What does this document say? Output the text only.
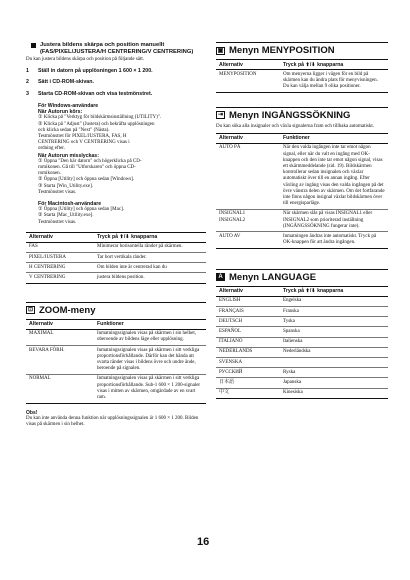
Justera bildens skärpa och position manuellt (FAS/PIXEL/JUSTERA/H CENTRERING/V CENTRERING)
Du kan justera bildens skärpa och position på följande sätt.
1	Ställ in datorn på upplösningen 1 600 × 1 200.
2	Sätt i CD-ROM-skivan.
3	Starta CD-ROM-skivan och visa testmönstret.
För Windows-användare
När Autorun körs:
① Klicka på "Verktyg för bildskärmsinställning (UTILITY)".
② Klicka på "Adjust" (Justera) och bekräfta upplösningen
och klicka sedan på "Next" (Nästa).
Testmönstret för PIXEL/JUSTERA, FAS, H
CENTRERING och V CENTRERING visas i
ordning efter.
När Autorun misslyckas:
① Öppna "Den här datorn" och högerklicka på CD-
romikonen. Gå till "Utforskaren" och öppna CD-
romikonen.
② Öppna [Utility] och öppna sedan [Windows].
③ Starta [Win_Utility.exe].
Testmönstret visas.
För Macintosh-användare
① Öppna [Utility] och öppna sedan [Mac].
② Starta [Mac_Utility.exe].
Testmönstret visas.
Alternativ	Tryck på ⬆/⬇ knapparna
FAS	Minimerar horisontella ränder på skärmen.
PIXEL/JUSTERA	Tar bort vertikala ränder.
H CENTRERING	Om bilden inte är centrerad kan du
V CENTRERING	justera bildens position.
⊡ ZOOM-meny
Alternativ	Funktioner
MAXIMAL	Inmatningssignalen visas på skärmen i sin helhet, oberoende av bildens läge eller upplösning.
BEVARA FÖRH.	Inmatningssignalen visas på skärmen i sitt verkliga proportionsförhållande. Därför kan det hända att svarta ränder visas i bildens övre och undre ände, beroende på signalen.
NORMAL	Inmatningssignalen visas på skärmen i sitt verkliga proportionsförhållande. Sub-1 600 × 1 200-signaler visas i mitten av skärmen, omgärdade av en svart ram.
Obs!
Du kan inte använda denna funktion när upplösningssignalen är 1 600 × 1 200. Bilden visas på skärmen i sin helhet.
▣ Menyn MENYPOSITION
Alternativ	Tryck på ⬆/⬇ knapparna
MENYPOSITION	Om menyerna ligger i vägen för en bild på skärmen kan du ändra plats för menyvisningen. Du kan välja mellan 9 olika positioner.
⇥ Menyn INGÅNGSSÖKNING
Du kan söka alla insignaler och växla signalerna fram och tillbaka automatiskt.
Alternativ	Funktioner
AUTO PÅ	När den valda ingången inte tar emot någon signal, eller när du valt en ingång med OK-knappen och den inte tar emot någon signal, visas ett skärmmeddelande (sid. 19). Bildskärmen kontrollerar sedan insignalen och växlar automatiskt över till en annan ingång. Efter växling av ingång visas den valda ingången på det övre vänstra delen av skärmen. Om det fortfarande inte finns någon insignal växlar bildskärmen över till energisparläge.
INSIGNAL1
INSIGNAL2	När skärmen slås på visas INSIGNAL1 eller INSIGNAL2 som prioriterad inställning (INGÅNGSSÖKNING fungerar inte).
AUTO AV	Inmatningen ändras inte automatiskt. Tryck på OK-knappen för att ändra ingången.
A Menyn LANGUAGE
Alternativ	Tryck på ⬆/⬇ knapparna
ENGLISH	Engelska
FRANÇAIS	Franska
DEUTSCH	Tyska
ESPAÑOL	Spanska
ITALIANO	Italienska
NEDERLANDS	Nederländska
SVENSKA	
РУССКИЙ	Ryska
日本語	Japanska
中文	Kinesiska
16
